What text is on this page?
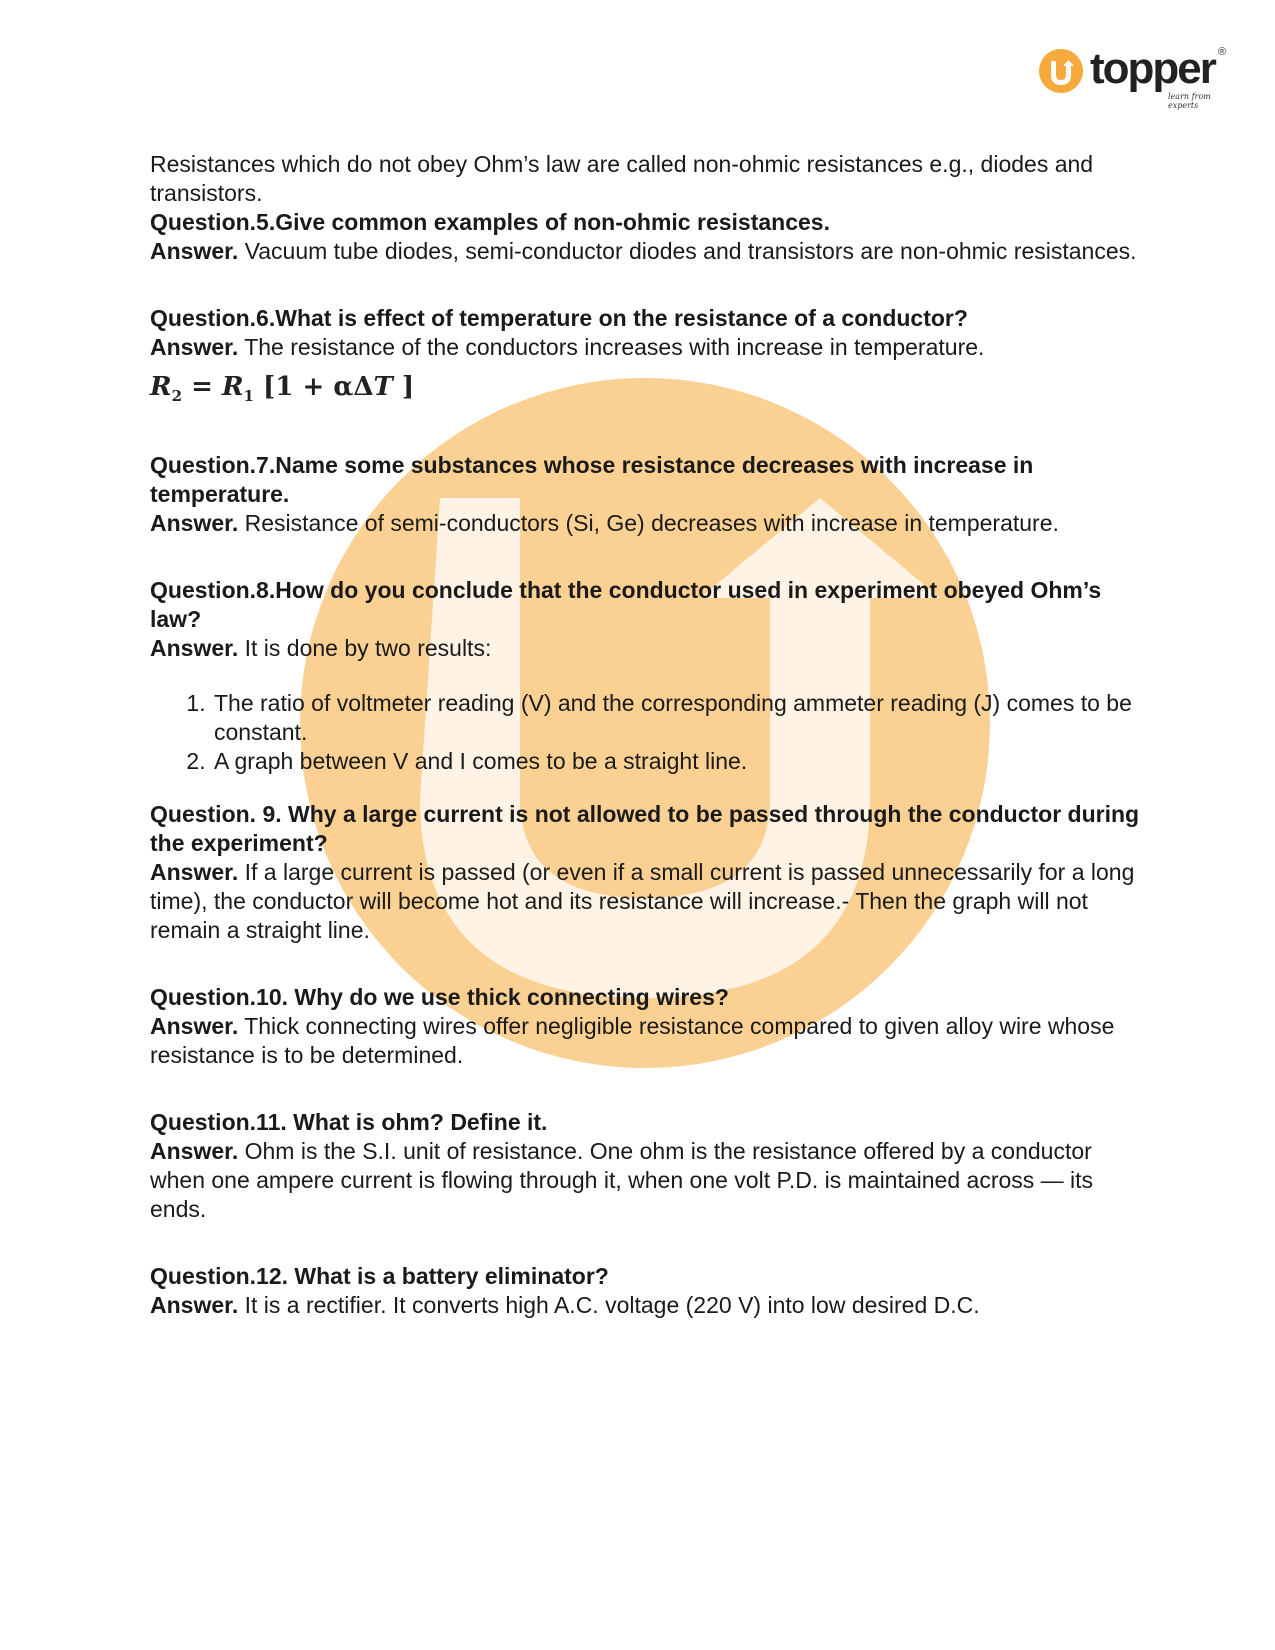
topper ®
learn from experts

Resistances which do not obey Ohm’s law are called non-ohmic resistances e.g., diodes and transistors.

Question.5.Give common examples of non-ohmic resistances.

Answer. Vacuum tube diodes, semi-conductor diodes and transistors are non-ohmic resistances.

Question.6.What is effect of temperature on the resistance of a conductor?

Answer. The resistance of the conductors increases with increase in temperature.

$R_2 = R_1$ [1 + αΔT ]

Question.7.Name some substances whose resistance decreases with increase in temperature.

Answer. Resistance of semi-conductors (Si, Ge) decreases with increase in temperature.

Question.8.How do you conclude that the conductor used in experiment obeyed Ohm’s law?

Answer. It is done by two results:

1. The ratio of voltmeter reading (V) and the corresponding ammeter reading (J) comes to be constant.
2. A graph between V and I comes to be a straight line.

Question. 9. Why a large current is not allowed to be passed through the conductor during the experiment?

Answer. If a large current is passed (or even if a small current is passed unnecessarily for a long time), the conductor will become hot and its resistance will increase.- Then the graph will not remain a straight line.

Question.10. Why do we use thick connecting wires?

Answer. Thick connecting wires offer negligible resistance compared to given alloy wire whose resistance is to be determined.

Question.11. What is ohm? Define it.

Answer. Ohm is the S.I. unit of resistance. One ohm is the resistance offered by a conductor when one ampere current is flowing through it, when one volt P.D. is maintained across — its ends.

Question.12. What is a battery eliminator?

Answer. It is a rectifier. It converts high A.C. voltage (220 V) into low desired D.C.
